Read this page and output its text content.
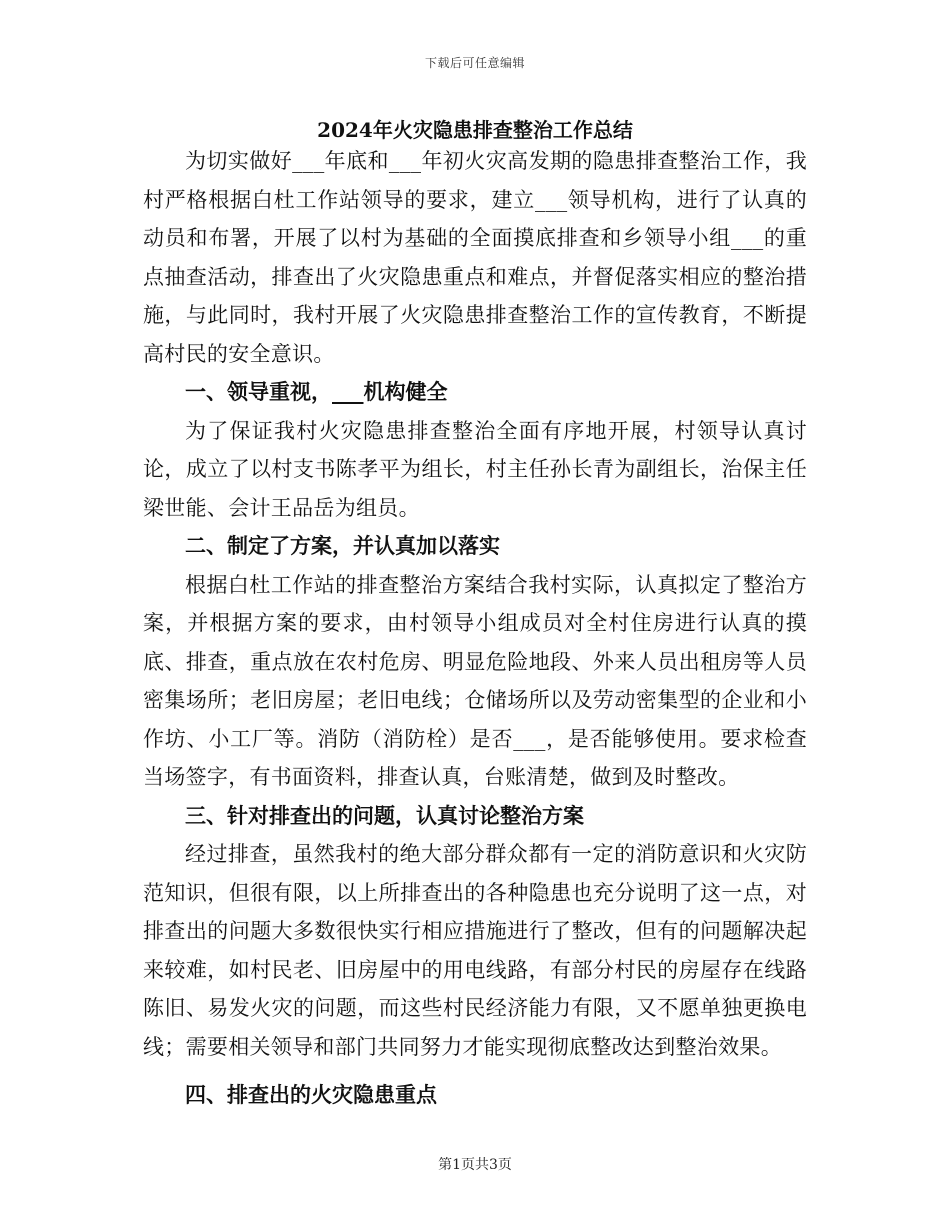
下载后可任意编辑
2024年火灾隐患排查整治工作总结

为切实做好___年底和___年初火灾高发期的隐患排查整治工作，我村严格根据白杜工作站领导的要求，建立___领导机构，进行了认真的动员和布署，开展了以村为基础的全面摸底排查和乡领导小组___的重点抽查活动，排查出了火灾隐患重点和难点，并督促落实相应的整治措施，与此同时，我村开展了火灾隐患排查整治工作的宣传教育，不断提高村民的安全意识。

一、领导重视，___机构健全

为了保证我村火灾隐患排查整治全面有序地开展，村领导认真讨论，成立了以村支书陈孝平为组长，村主任孙长青为副组长，治保主任梁世能、会计王品岳为组员。

二、制定了方案，并认真加以落实

根据白杜工作站的排查整治方案结合我村实际，认真拟定了整治方案，并根据方案的要求，由村领导小组成员对全村住房进行认真的摸底、排查，重点放在农村危房、明显危险地段、外来人员出租房等人员密集场所；老旧房屋；老旧电线；仓储场所以及劳动密集型的企业和小作坊、小工厂等。消防（消防栓）是否___，是否能够使用。要求检查当场签字，有书面资料，排查认真，台账清楚，做到及时整改。

三、针对排查出的问题，认真讨论整治方案

经过排查，虽然我村的绝大部分群众都有一定的消防意识和火灾防范知识，但很有限，以上所排查出的各种隐患也充分说明了这一点，对排查出的问题大多数很快实行相应措施进行了整改，但有的问题解决起来较难，如村民老、旧房屋中的用电线路，有部分村民的房屋存在线路陈旧、易发火灾的问题，而这些村民经济能力有限，又不愿单独更换电线；需要相关领导和部门共同努力才能实现彻底整改达到整治效果。

四、排查出的火灾隐患重点

第1页共3页
